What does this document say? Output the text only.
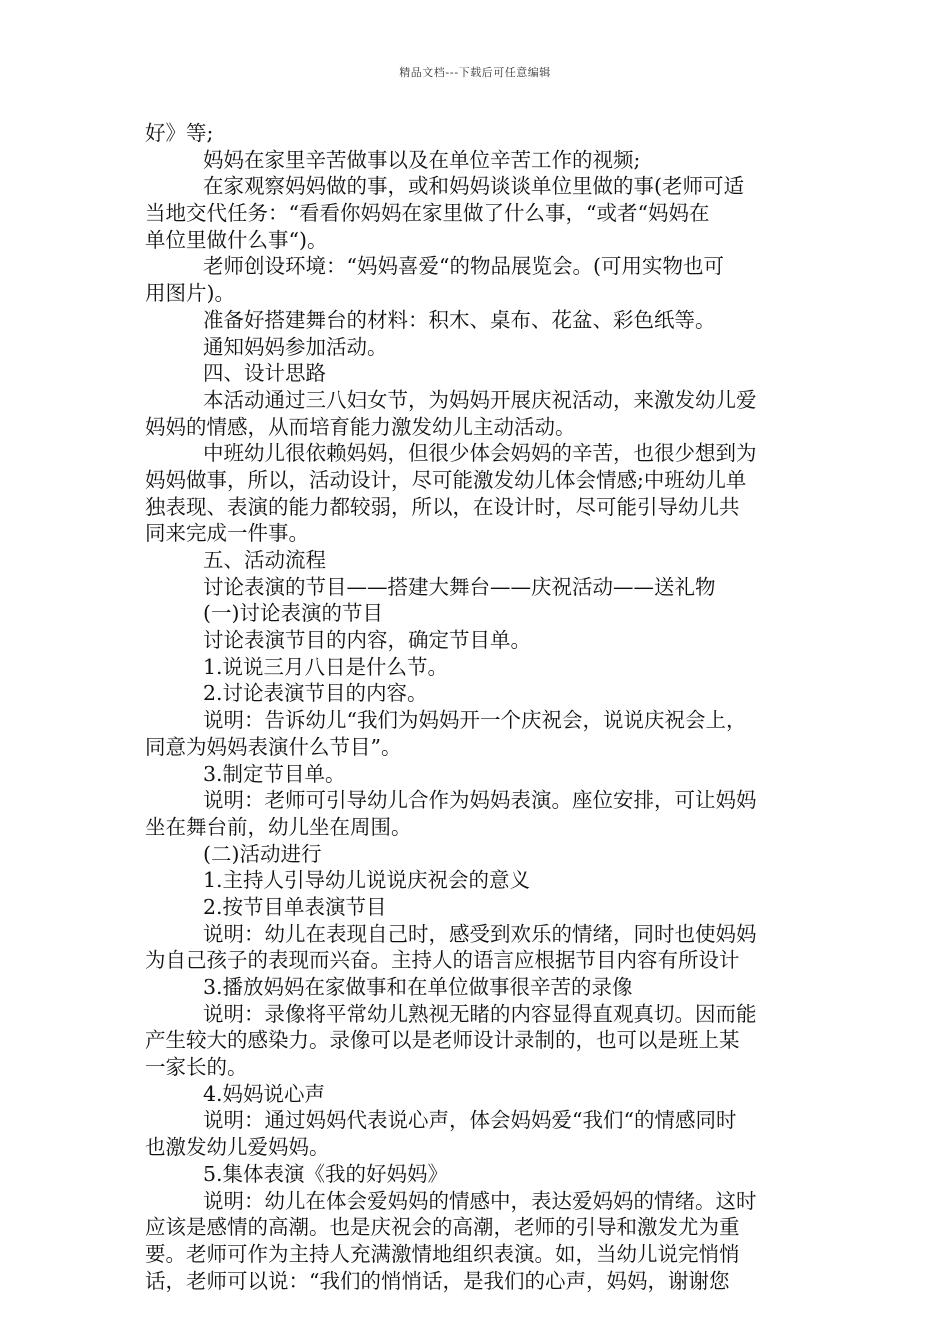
精品文档---下载后可任意编辑
好》等;
妈妈在家里辛苦做事以及在单位辛苦工作的视频;
在家观察妈妈做的事，或和妈妈谈谈单位里做的事(老师可适
当地交代任务：“看看你妈妈在家里做了什么事，“或者“妈妈在
单位里做什么事“)。
老师创设环境：“妈妈喜爱“的物品展览会。(可用实物也可
用图片)。
准备好搭建舞台的材料：积木、桌布、花盆、彩色纸等。
通知妈妈参加活动。
四、设计思路
本活动通过三八妇女节，为妈妈开展庆祝活动，来激发幼儿爱
妈妈的情感，从而培育能力激发幼儿主动活动。
中班幼儿很依赖妈妈，但很少体会妈妈的辛苦，也很少想到为
妈妈做事，所以，活动设计，尽可能激发幼儿体会情感;中班幼儿单
独表现、表演的能力都较弱，所以，在设计时，尽可能引导幼儿共
同来完成一件事。
五、活动流程
讨论表演的节目——搭建大舞台——庆祝活动——送礼物
(一)讨论表演的节目
讨论表演节目的内容，确定节目单。
1.说说三月八日是什么节。
2.讨论表演节目的内容。
说明：告诉幼儿“我们为妈妈开一个庆祝会，说说庆祝会上，
同意为妈妈表演什么节目”。
3.制定节目单。
说明：老师可引导幼儿合作为妈妈表演。座位安排，可让妈妈
坐在舞台前，幼儿坐在周围。
(二)活动进行
1.主持人引导幼儿说说庆祝会的意义
2.按节目单表演节目
说明：幼儿在表现自己时，感受到欢乐的情绪，同时也使妈妈
为自己孩子的表现而兴奋。主持人的语言应根据节目内容有所设计
3.播放妈妈在家做事和在单位做事很辛苦的录像
说明：录像将平常幼儿熟视无睹的内容显得直观真切。因而能
产生较大的感染力。录像可以是老师设计录制的，也可以是班上某
一家长的。
4.妈妈说心声
说明：通过妈妈代表说心声，体会妈妈爱“我们“的情感同时
也激发幼儿爱妈妈。
5.集体表演《我的好妈妈》
说明：幼儿在体会爱妈妈的情感中，表达爱妈妈的情绪。这时
应该是感情的高潮。也是庆祝会的高潮，老师的引导和激发尤为重
要。老师可作为主持人充满激情地组织表演。如，当幼儿说完悄悄
话，老师可以说：“我们的悄悄话，是我们的心声，妈妈，谢谢您
